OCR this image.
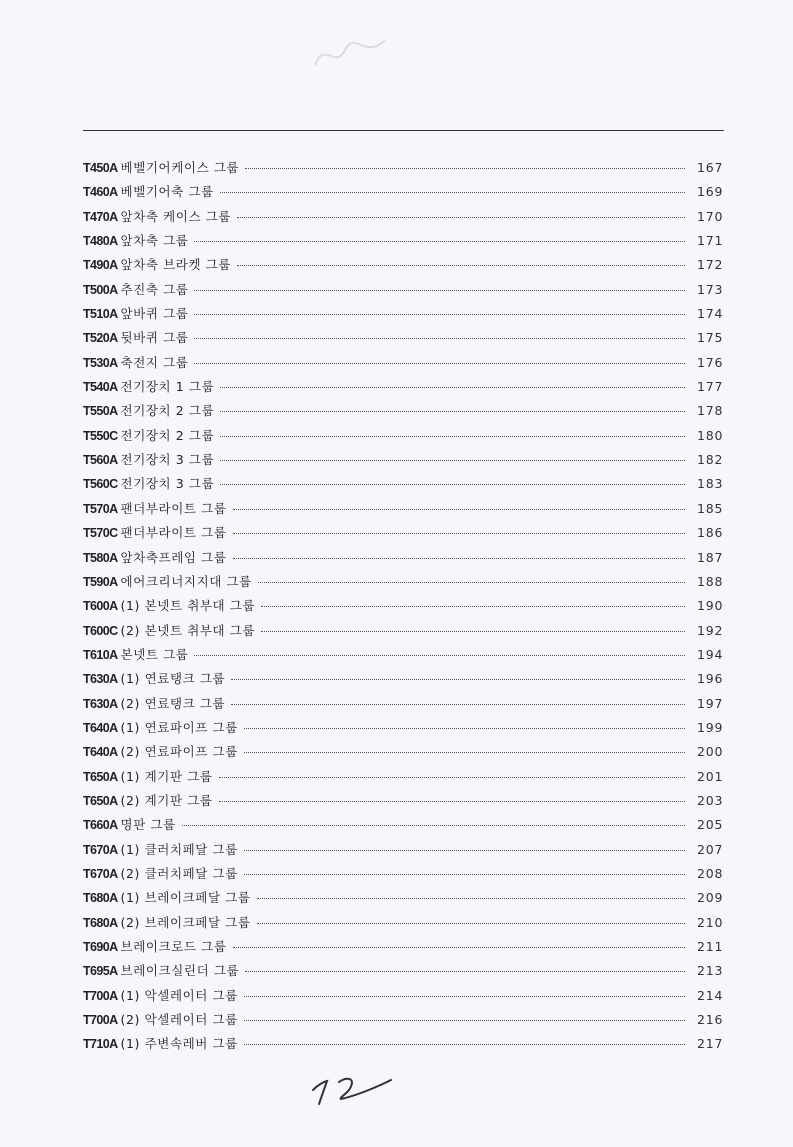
T450A 베벨기어케이스 그룹	167
T460A 베벨기어축 그룹	169
T470A 앞차축 케이스 그룹	170
T480A 앞차축 그룹	171
T490A 앞차축 브라켓 그룹	172
T500A 추진축 그룹	173
T510A 앞바퀴 그룹	174
T520A 뒷바퀴 그룹	175
T530A 축전지 그룹	176
T540A 전기장치 1 그룹	177
T550A 전기장치 2 그룹	178
T550C 전기장치 2 그룹	180
T560A 전기장치 3 그룹	182
T560C 전기장치 3 그룹	183
T570A 팬더부라이트 그룹	185
T570C 팬더부라이트 그룹	186
T580A 앞차축프레임 그룹	187
T590A 에어크리너지지대 그룹	188
T600A (1) 본넷트 취부대 그룹	190
T600C (2) 본넷트 취부대 그룹	192
T610A 본넷트 그룹	194
T630A (1) 연료탱크 그룹	196
T630A (2) 연료탱크 그룹	197
T640A (1) 연료파이프 그룹	199
T640A (2) 연료파이프 그룹	200
T650A (1) 계기판 그룹	201
T650A (2) 계기판 그룹	203
T660A 명판 그룹	205
T670A (1) 클러치페달 그룹	207
T670A (2) 클러치페달 그룹	208
T680A (1) 브레이크페달 그룹	209
T680A (2) 브레이크페달 그룹	210
T690A 브레이크로드 그룹	211
T695A 브레이크실린더 그룹	213
T700A (1) 악셀레이터 그룹	214
T700A (2) 악셀레이터 그룹	216
T710A (1) 주변속레버 그룹	217
